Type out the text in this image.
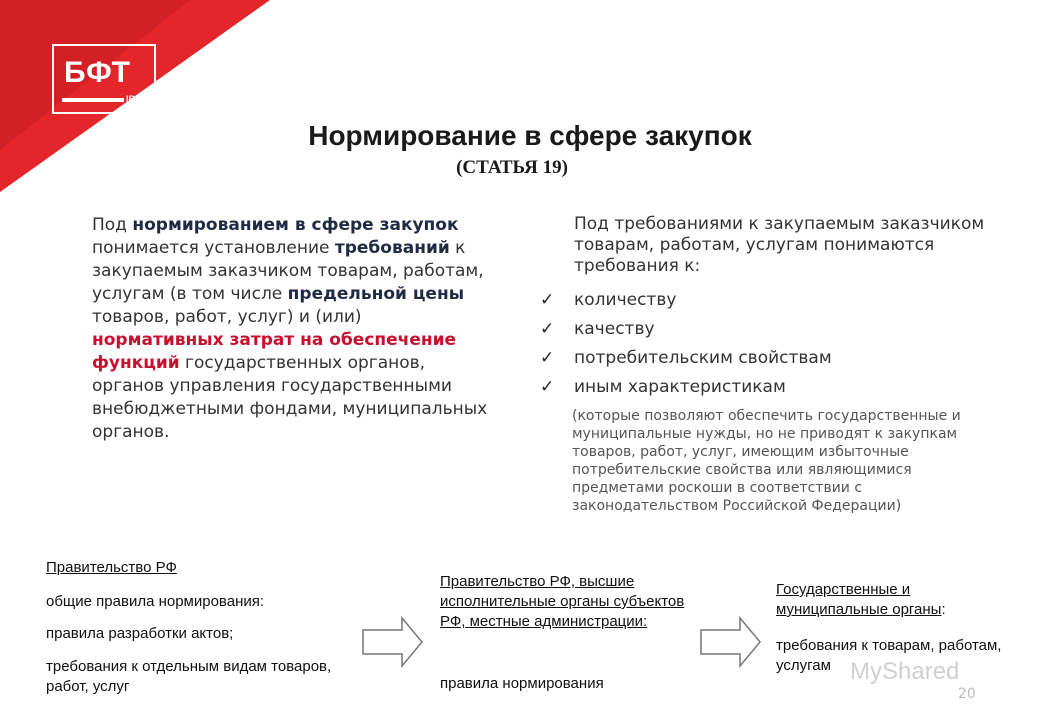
БФТ
IBS
Нормирование в сфере закупок
(СТАТЬЯ 19)

Под нормированием в сфере закупок понимается установление требований к закупаемым заказчиком товарам, работам, услугам (в том числе предельной цены товаров, работ, услуг) и (или) нормативных затрат на обеспечение функций государственных органов, органов управления государственными внебюджетными фондами, муниципальных органов.

Под требованиями к закупаемым заказчиком товарам, работам, услугам понимаются требования к:

✓ количеству
✓ качеству
✓ потребительским свойствам
✓ иным характеристикам

(которые позволяют обеспечить государственные и муниципальные нужды, но не приводят к закупкам товаров, работ, услуг, имеющим избыточные потребительские свойства или являющимися предметами роскоши в соответствии с законодательством Российской Федерации)

Правительство РФ
общие правила нормирования:
правила разработки актов;
требования к отдельным видам товаров, работ, услуг
Правительство РФ, высшие исполнительные органы субъектов РФ, местные администрации:
правила нормирования
Государственные и муниципальные органы:
требования к товарам, работам, услугам MyShared
20
